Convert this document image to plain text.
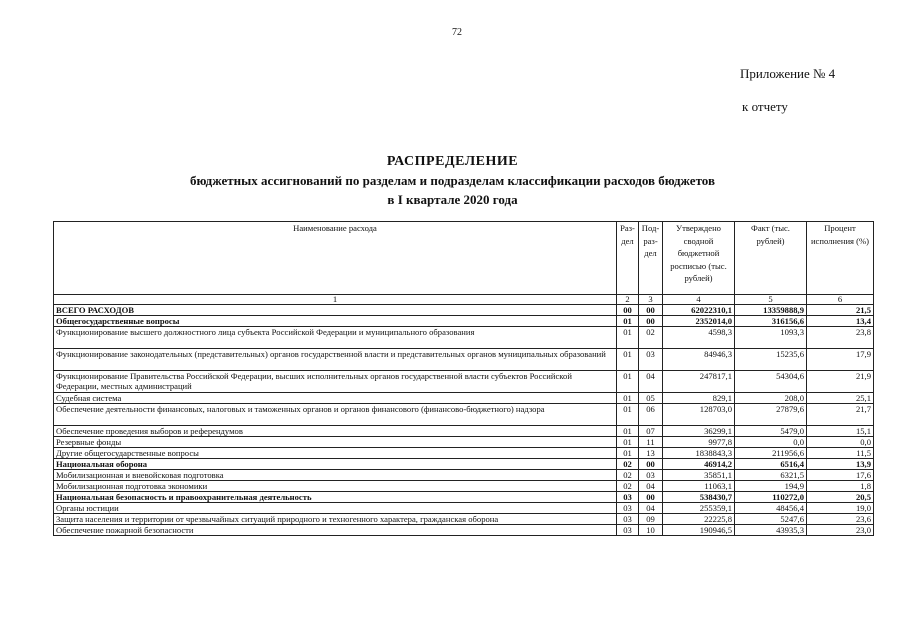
72
Приложение № 4
к отчету
РАСПРЕДЕЛЕНИЕ
бюджетных ассигнований по разделам и подразделам классификации расходов бюджетов
в I квартале 2020 года
Наименование расхода	Раз-дел	Под-раз-дел	Утверждено сводной бюджетной росписью (тыс. рублей)	Факт (тыс. рублей)	Процент исполнения (%)
1	2	3	4	5	6
ВСЕГО РАСХОДОВ	00	00	62022310,1	13359888,9	21,5
Общегосударственные вопросы	01	00	2352014,0	316156,6	13,4
Функционирование высшего должностного лица субъекта Российской Федерации и муниципального образования	01	02	4598,3	1093,3	23,8
Функционирование законодательных (представительных) органов государственной власти и представительных органов муниципальных образований	01	03	84946,3	15235,6	17,9
Функционирование Правительства Российской Федерации, высших исполнительных органов государственной власти субъектов Российской Федерации, местных администраций	01	04	247817,1	54304,6	21,9
Судебная система	01	05	829,1	208,0	25,1
Обеспечение деятельности финансовых, налоговых и таможенных органов и органов финансового (финансово-бюджетного) надзора	01	06	128703,0	27879,6	21,7
Обеспечение проведения выборов и референдумов	01	07	36299,1	5479,0	15,1
Резервные фонды	01	11	9977,8	0,0	0,0
Другие общегосударственные вопросы	01	13	1838843,3	211956,6	11,5
Национальная оборона	02	00	46914,2	6516,4	13,9
Мобилизационная и вневойсковая подготовка	02	03	35851,1	6321,5	17,6
Мобилизационная подготовка экономики	02	04	11063,1	194,9	1,8
Национальная безопасность и правоохранительная деятельность	03	00	538430,7	110272,0	20,5
Органы юстиции	03	04	255359,1	48456,4	19,0
Защита населения и территории от чрезвычайных ситуаций природного и техногенного характера, гражданская оборона	03	09	22225,8	5247,6	23,6
Обеспечение пожарной безопасности	03	10	190946,5	43935,3	23,0
